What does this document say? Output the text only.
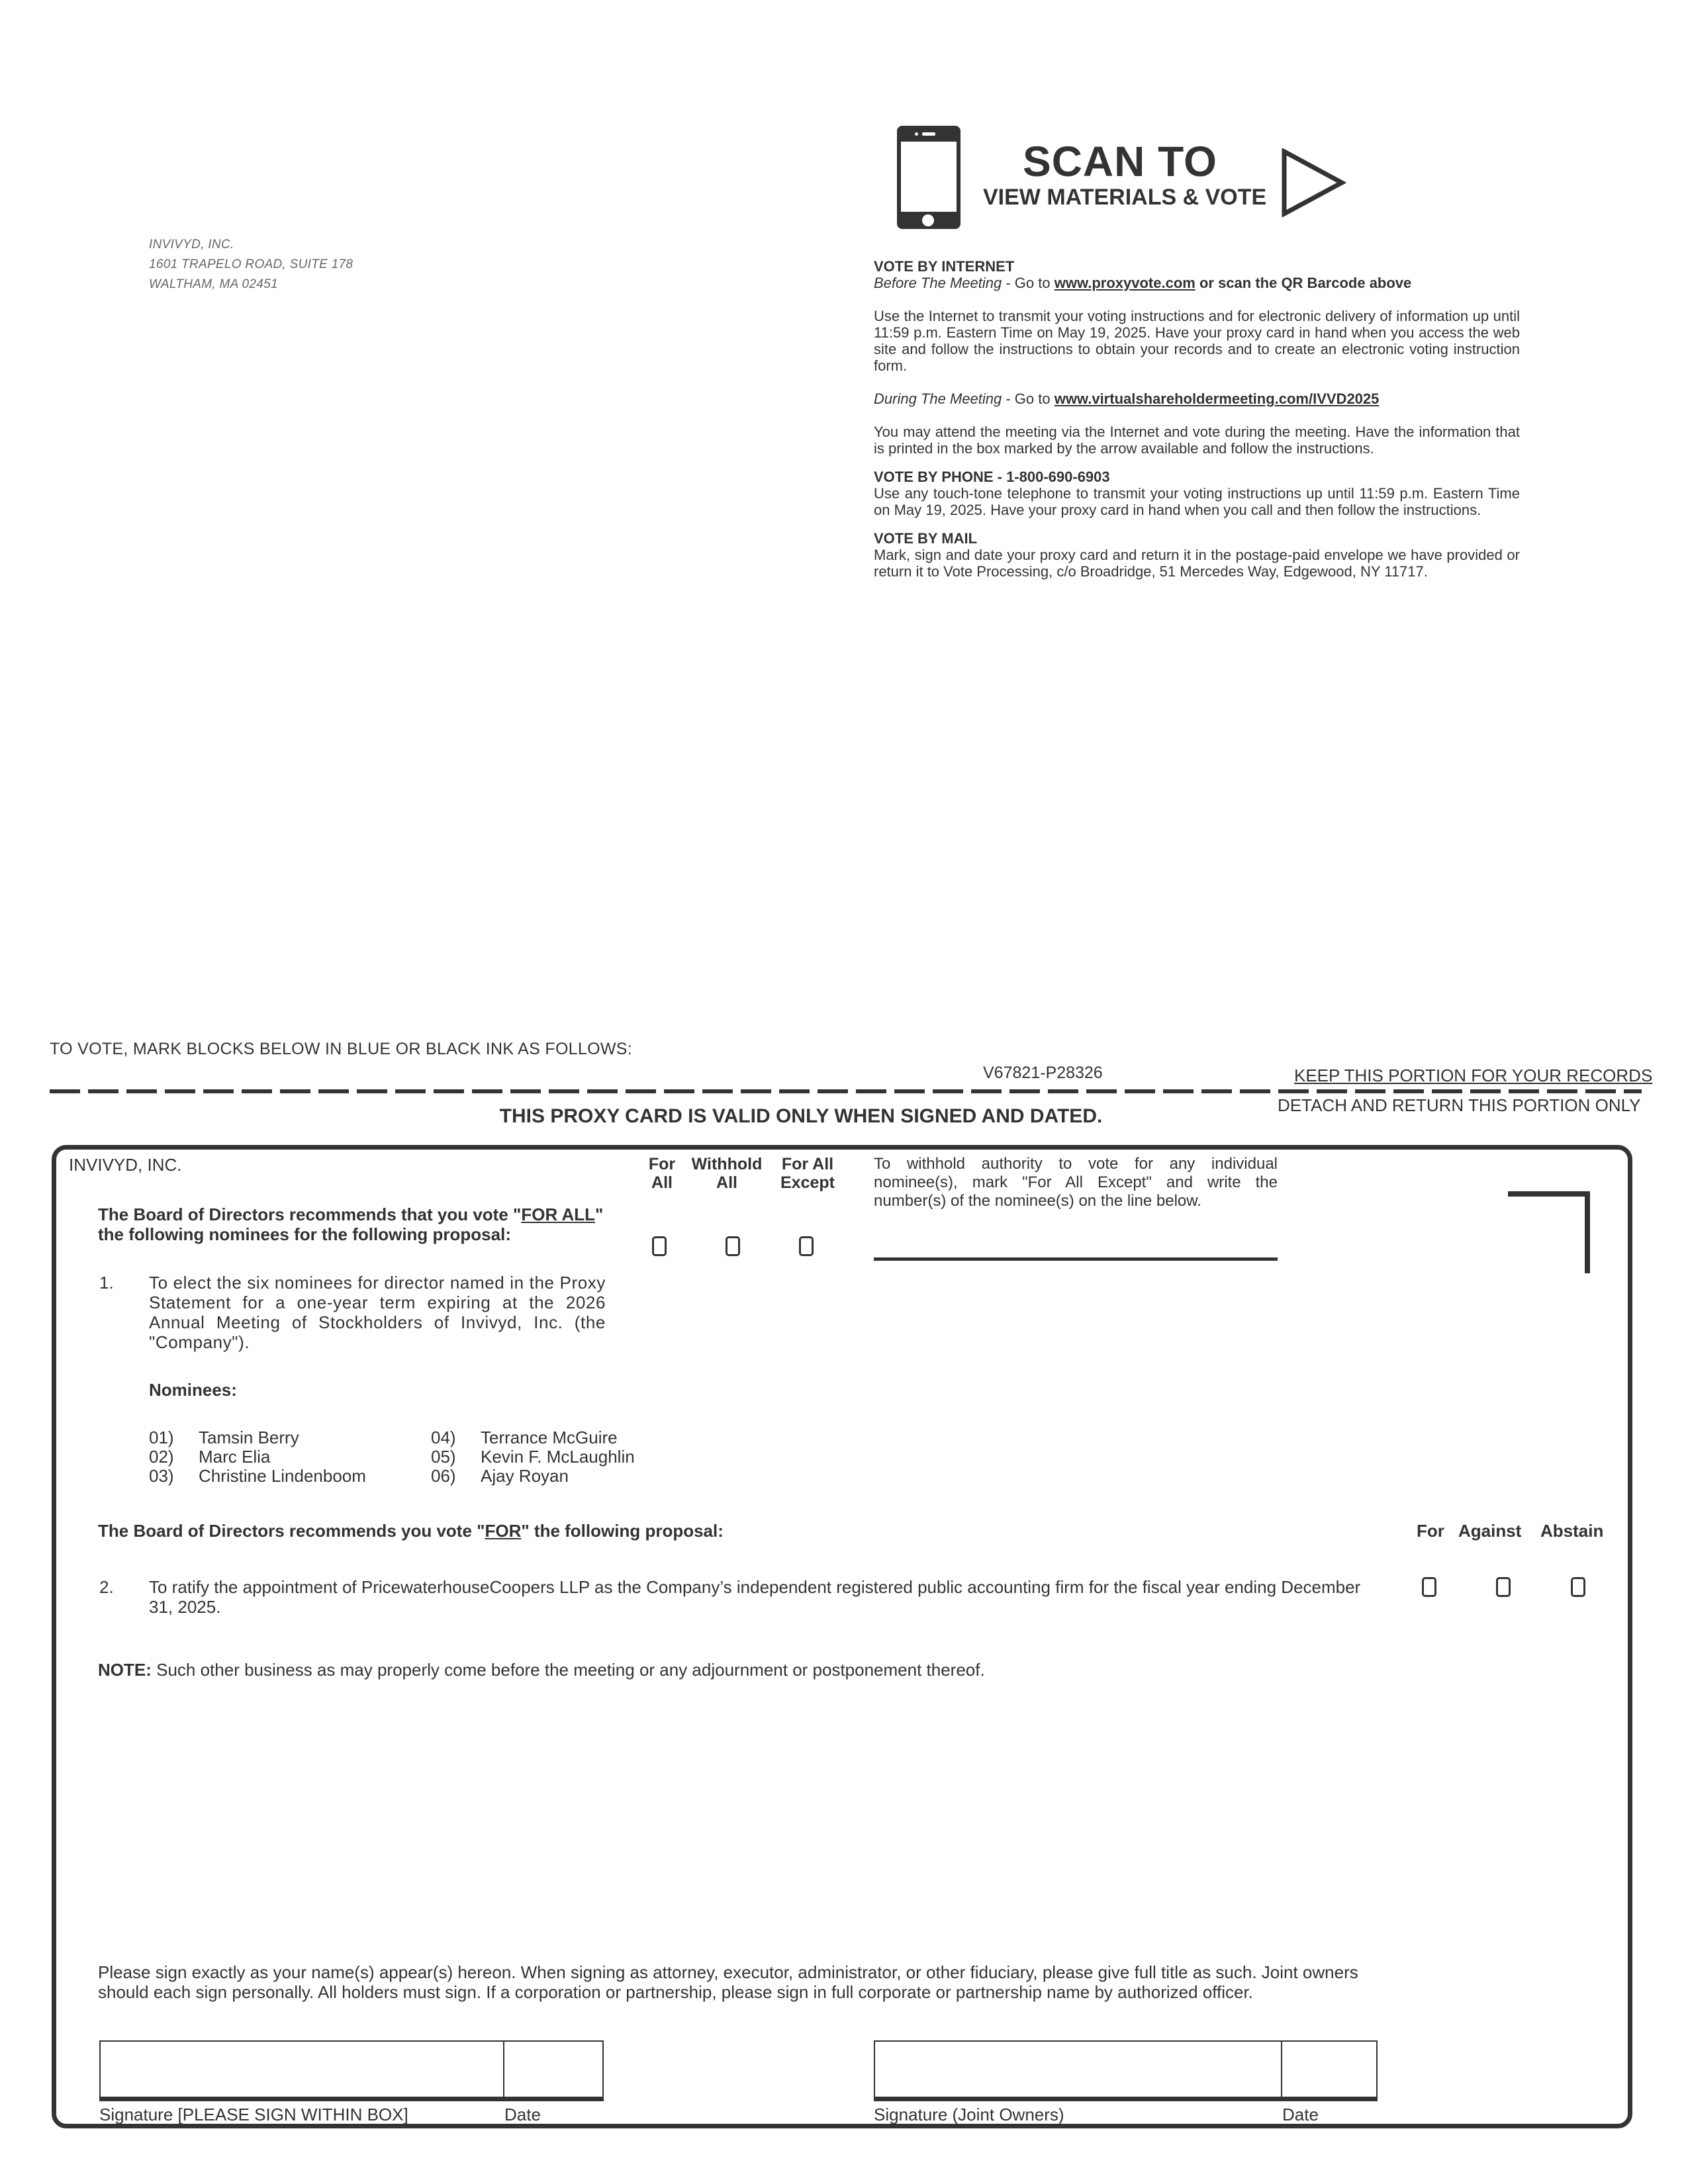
SCAN TO
VIEW MATERIALS & VOTE
INVIVYD, INC.
1601 TRAPELO ROAD, SUITE 178
WALTHAM, MA 02451
VOTE BY INTERNET

Before The Meeting - Go to www.proxyvote.com or scan the QR Barcode above

Use the Internet to transmit your voting instructions and for electronic delivery of information up until 11:59 p.m. Eastern Time on May 19, 2025. Have your proxy card in hand when you access the web site and follow the instructions to obtain your records and to create an electronic voting instruction form.

During The Meeting - Go to www.virtualshareholdermeeting.com/IVVD2025

You may attend the meeting via the Internet and vote during the meeting. Have the information that is printed in the box marked by the arrow available and follow the instructions.

VOTE BY PHONE - 1-800-690-6903

Use any touch-tone telephone to transmit your voting instructions up until 11:59 p.m. Eastern Time on May 19, 2025. Have your proxy card in hand when you call and then follow the instructions.

VOTE BY MAIL

Mark, sign and date your proxy card and return it in the postage-paid envelope we have provided or return it to Vote Processing, c/o Broadridge, 51 Mercedes Way, Edgewood, NY 11717.

TO VOTE, MARK BLOCKS BELOW IN BLUE OR BLACK INK AS FOLLOWS:
V67821-P28326	KEEP THIS PORTION FOR YOUR RECORDS
DETACH AND RETURN THIS PORTION ONLY
THIS PROXY CARD IS VALID ONLY WHEN SIGNED AND DATED.
INVIVYD, INC.
The Board of Directors recommends that you vote "FOR ALL"
the following nominees for the following proposal:
For
All
Withhold
All
For All
Except
To withhold authority to vote for any individual nominee(s), mark "For All Except" and write the number(s) of the nominee(s) on the line below.
1. To elect the six nominees for director named in the Proxy Statement for a one-year term expiring at the 2026 Annual Meeting of Stockholders of Invivyd, Inc. (the "Company").
Nominees:
01) Tamsin Berry
02) Marc Elia
03) Christine Lindenboom
04) Terrance McGuire
05) Kevin F. McLaughlin
06) Ajay Royan
The Board of Directors recommends you vote "FOR" the following proposal:	For Against Abstain
2. To ratify the appointment of PricewaterhouseCoopers LLP as the Company’s independent registered public accounting firm for the fiscal year ending December 31, 2025.
NOTE: Such other business as may properly come before the meeting or any adjournment or postponement thereof.
Please sign exactly as your name(s) appear(s) hereon. When signing as attorney, executor, administrator, or other fiduciary, please give full title as such. Joint owners should each sign personally. All holders must sign. If a corporation or partnership, please sign in full corporate or partnership name by authorized officer.
Signature [PLEASE SIGN WITHIN BOX]	Date	Signature (Joint Owners)	Date
